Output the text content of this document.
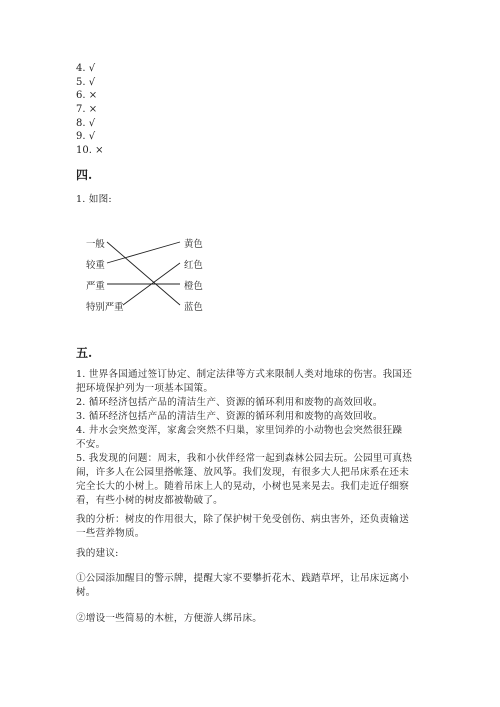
4. √
5. √
6. ×
7. ×
8. √
9. √
10. ×
四.
1. 如图:
一般
较重
严重
特别严重
黄色
红色
橙色
蓝色
五.
1. 世界各国通过签订协定、制定法律等方式来限制人类对地球的伤害。我国还
把环境保护列为一项基本国策。
2. 循环经济包括产品的清洁生产、资源的循环利用和废物的高效回收。
3. 循环经济包括产品的清洁生产、资源的循环利用和废物的高效回收。
4. 井水会突然变浑，家禽会突然不归巢，家里饲养的小动物也会突然很狂躁
不安。
5. 我发现的问题：周末，我和小伙伴经常一起到森林公园去玩。公园里可真热
闹，许多人在公园里搭帐篷、放风筝。我们发现，有很多大人把吊床系在还未
完全长大的小树上。随着吊床上人的晃动，小树也晃来晃去。我们走近仔细察
看，有些小树的树皮都被勒破了。
我的分析：树皮的作用很大，除了保护树干免受创伤、病虫害外，还负责输送
一些营养物质。
我的建议:
①公园添加醒目的警示牌，提醒大家不要攀折花木、践踏草坪，让吊床远离小
树。
②增设一些简易的木桩，方便游人绑吊床。
